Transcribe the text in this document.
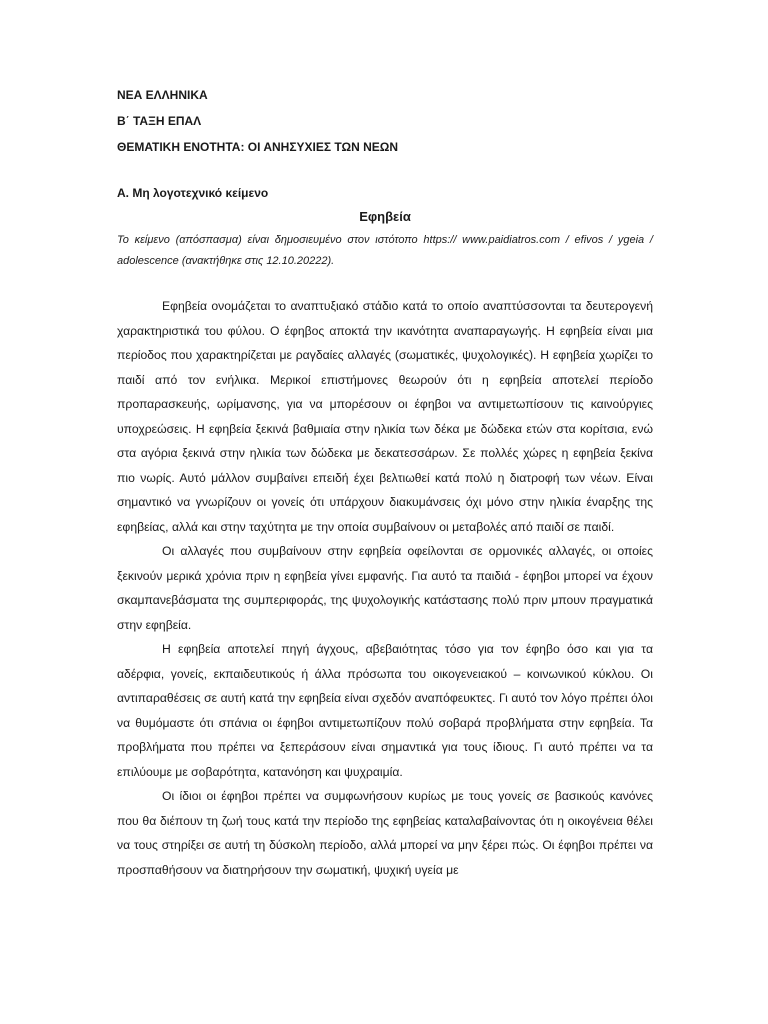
ΝΕΑ ΕΛΛΗΝΙΚΑ

Β΄ ΤΑΞΗ ΕΠΑΛ

ΘΕΜΑΤΙΚΗ ΕΝΟΤΗΤΑ: ΟΙ ΑΝΗΣΥΧΙΕΣ ΤΩΝ ΝΕΩΝ

Α. Μη λογοτεχνικό κείμενο

Εφηβεία

Το κείμενο (απόσπασμα) είναι δημοσιευμένο στον ιστότοπο https:// www.paidiatros.com / efivos / ygeia / adolescence (ανακτήθηκε στις 12.10.20222).

Εφηβεία ονομάζεται το αναπτυξιακό στάδιο κατά το οποίο αναπτύσσονται τα δευτερογενή χαρακτηριστικά του φύλου. Ο έφηβος αποκτά την ικανότητα αναπαραγωγής. Η εφηβεία είναι μια περίοδος που χαρακτηρίζεται με ραγδαίες αλλαγές (σωματικές, ψυχολογικές). Η εφηβεία χωρίζει το παιδί από τον ενήλικα. Μερικοί επιστήμονες θεωρούν ότι η εφηβεία αποτελεί περίοδο προπαρασκευής, ωρίμανσης, για να μπορέσουν οι έφηβοι να αντιμετωπίσουν τις καινούργιες υποχρεώσεις. Η εφηβεία ξεκινά βαθμιαία στην ηλικία των δέκα με δώδεκα ετών στα κορίτσια, ενώ στα αγόρια ξεκινά στην ηλικία των δώδεκα με δεκατεσσάρων. Σε πολλές χώρες η εφηβεία ξεκίνα πιο νωρίς. Αυτό μάλλον συμβαίνει επειδή έχει βελτιωθεί κατά πολύ η διατροφή των νέων. Είναι σημαντικό να γνωρίζουν οι γονείς ότι υπάρχουν διακυμάνσεις όχι μόνο στην ηλικία έναρξης της εφηβείας, αλλά και στην ταχύτητα με την οποία συμβαίνουν οι μεταβολές από παιδί σε παιδί.

Οι αλλαγές που συμβαίνουν στην εφηβεία οφείλονται σε ορμονικές αλλαγές, οι οποίες ξεκινούν μερικά χρόνια πριν η εφηβεία γίνει εμφανής. Για αυτό τα παιδιά - έφηβοι μπορεί να έχουν σκαμπανεβάσματα της συμπεριφοράς, της ψυχολογικής κατάστασης πολύ πριν μπουν πραγματικά στην εφηβεία.

Η εφηβεία αποτελεί πηγή άγχους, αβεβαιότητας τόσο για τον έφηβο όσο και για τα αδέρφια, γονείς, εκπαιδευτικούς ή άλλα πρόσωπα του οικογενειακού – κοινωνικού κύκλου. Οι αντιπαραθέσεις σε αυτή κατά την εφηβεία είναι σχεδόν αναπόφευκτες. Γι αυτό τον λόγο πρέπει όλοι να θυμόμαστε ότι σπάνια οι έφηβοι αντιμετωπίζουν πολύ σοβαρά προβλήματα στην εφηβεία. Τα προβλήματα που πρέπει να ξεπεράσουν είναι σημαντικά για τους ίδιους. Γι αυτό πρέπει να τα επιλύουμε με σοβαρότητα, κατανόηση και ψυχραιμία.

Οι ίδιοι οι έφηβοι πρέπει να συμφωνήσουν κυρίως με τους γονείς σε βασικούς κανόνες που θα διέπουν τη ζωή τους κατά την περίοδο της εφηβείας καταλαβαίνοντας ότι η οικογένεια θέλει να τους στηρίξει σε αυτή τη δύσκολη περίοδο, αλλά μπορεί να μην ξέρει πώς. Οι έφηβοι πρέπει να προσπαθήσουν να διατηρήσουν την σωματική, ψυχική υγεία με
